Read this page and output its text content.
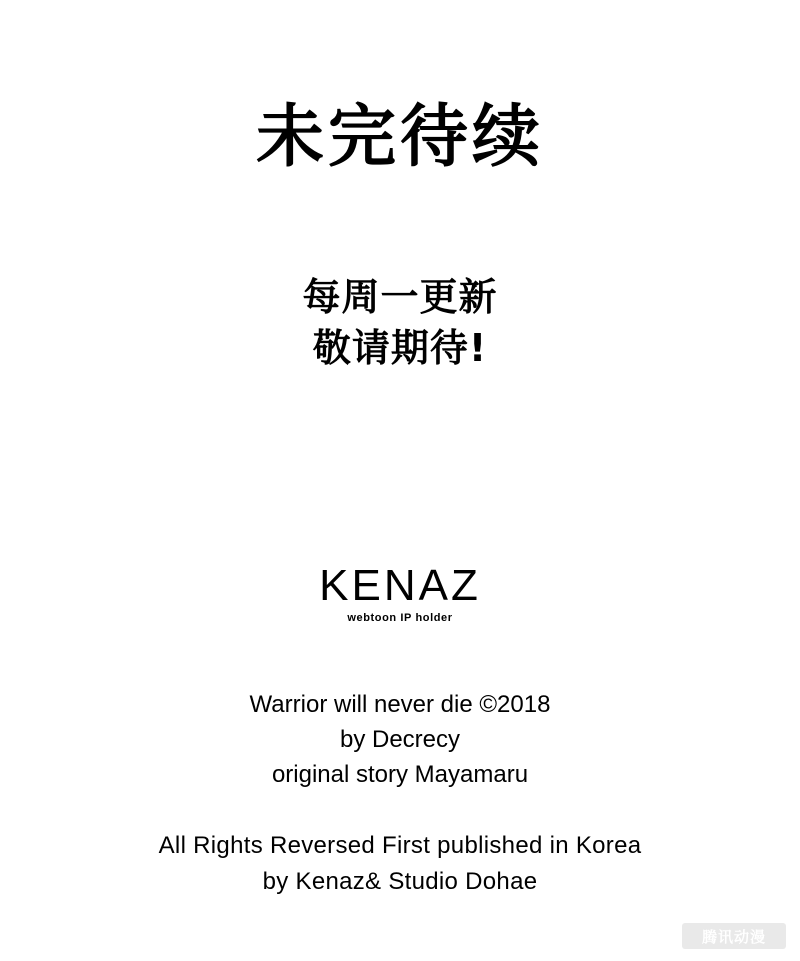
未完待续
每周一更新
敬请期待!
KENAZ
webtoon IP holder
Warrior will never die ©2018
by Decrecy
original story Mayamaru
All Rights Reversed First published in Korea
by Kenaz& Studio Dohae
腾讯动漫
